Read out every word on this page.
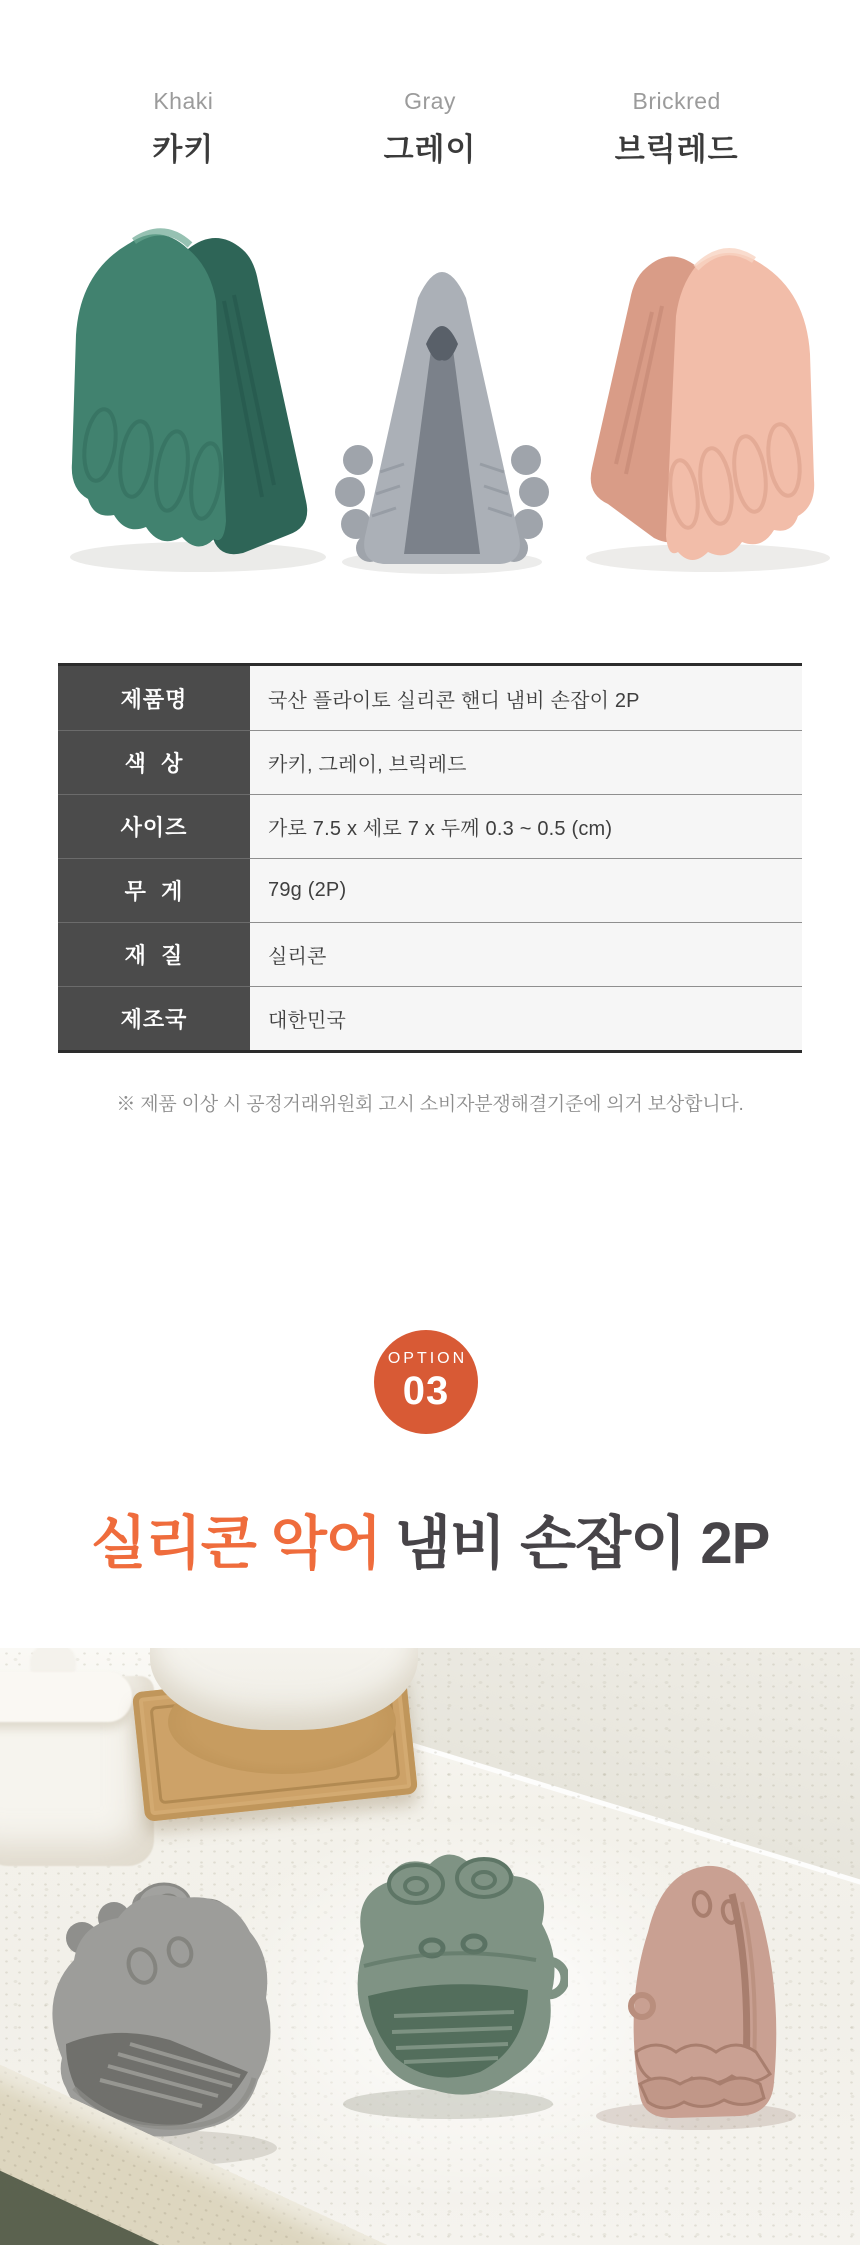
Khaki
카키
Gray
그레이
Brickred
브릭레드
제품명	국산 플라이토 실리콘 핸디 냄비 손잡이 2P
색  상	카키, 그레이, 브릭레드
사이즈	가로 7.5 x 세로 7 x 두께 0.3 ~ 0.5 (cm)
무  게	79g (2P)
재  질	실리콘
제조국	대한민국
※ 제품 이상 시 공정거래위원회 고시 소비자분쟁해결기준에 의거 보상합니다.
OPTION
03
실리콘 악어 냄비 손잡이 2P
